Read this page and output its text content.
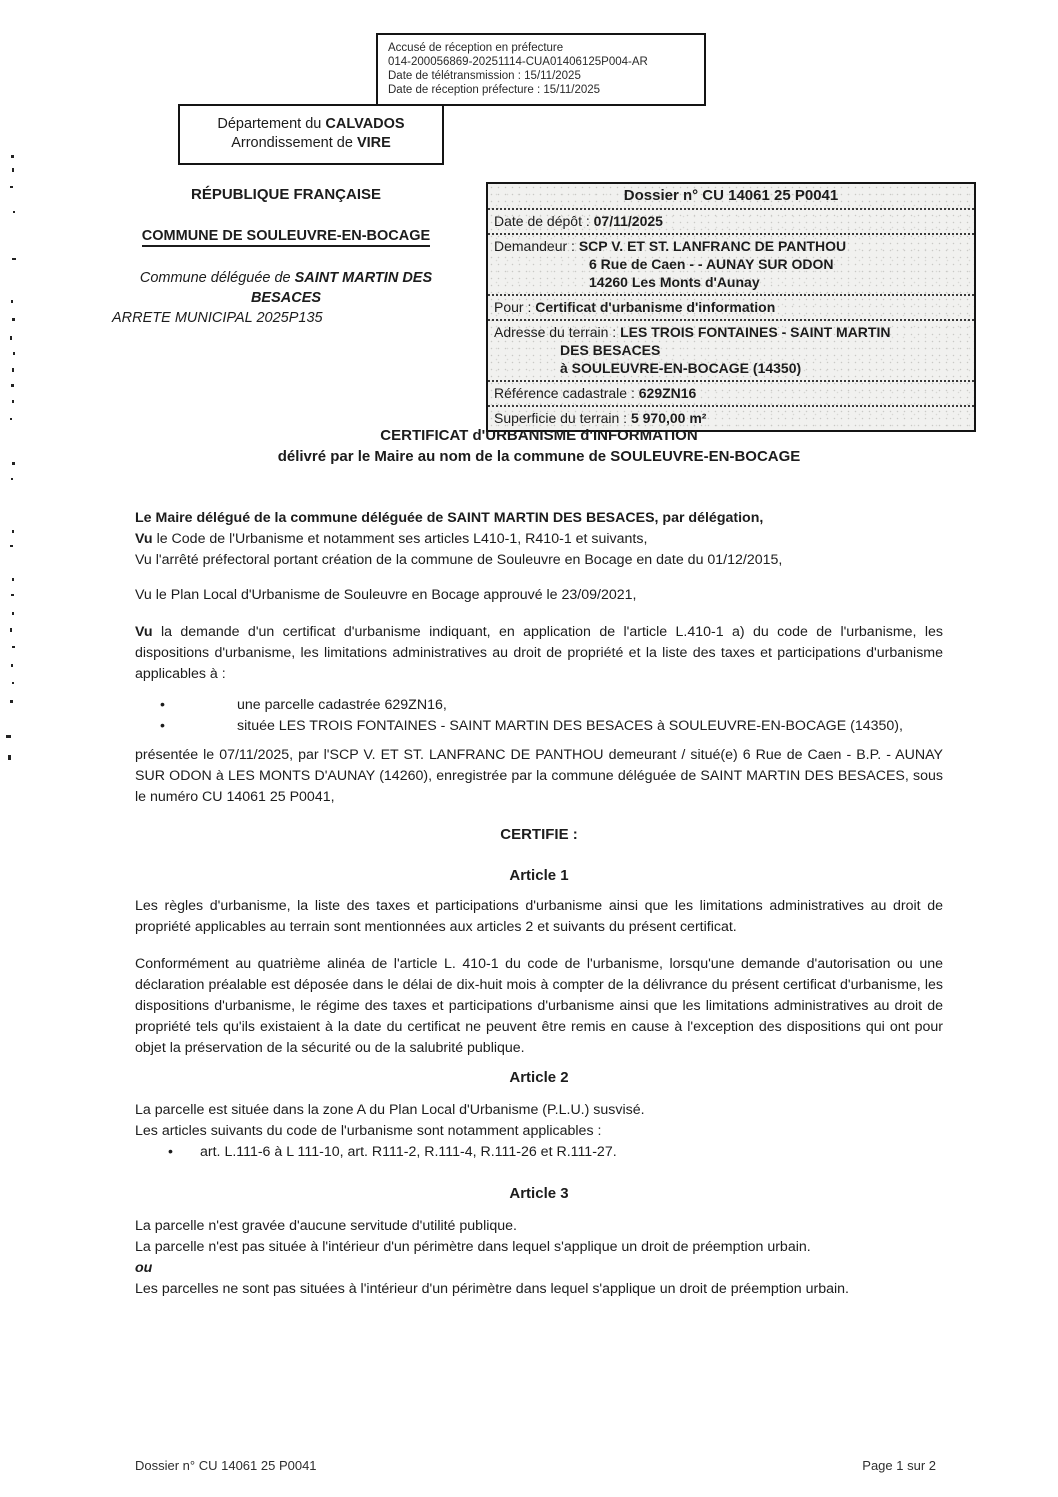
Accusé de réception en préfecture
014-200056869-20251114-CUA01406125P004-AR
Date de télétransmission : 15/11/2025
Date de réception préfecture : 15/11/2025
Département du CALVADOS
Arrondissement de VIRE
RÉPUBLIQUE FRANÇAISE
COMMUNE DE SOULEUVRE-EN-BOCAGE
Commune déléguée de SAINT MARTIN DES BESACES
ARRETE MUNICIPAL 2025P135
Dossier n° CU 14061 25 P0041
Date de dépôt : 07/11/2025
Demandeur : SCP V. ET ST. LANFRANC DE PANTHOU
6 Rue de Caen - - AUNAY SUR ODON
14260 Les Monts d'Aunay
Pour : Certificat d'urbanisme d'information
Adresse du terrain : LES TROIS FONTAINES - SAINT MARTIN
DES BESACES
à SOULEUVRE-EN-BOCAGE (14350)
Référence cadastrale : 629ZN16
Superficie du terrain : 5 970,00 m²
CERTIFICAT d'URBANISME d'INFORMATION
délivré par le Maire au nom de la commune de SOULEUVRE-EN-BOCAGE
Le Maire délégué de la commune déléguée de SAINT MARTIN DES BESACES, par délégation,
Vu le Code de l'Urbanisme et notamment ses articles L410-1, R410-1 et suivants,
Vu l'arrêté préfectoral portant création de la commune de Souleuvre en Bocage en date du 01/12/2015,
Vu le Plan Local d'Urbanisme de Souleuvre en Bocage approuvé le 23/09/2021,
Vu la demande d'un certificat d'urbanisme indiquant, en application de l'article L.410-1 a) du code de l'urbanisme, les dispositions d'urbanisme, les limitations administratives au droit de propriété et la liste des taxes et participations d'urbanisme applicables à :
• une parcelle cadastrée 629ZN16,
• située LES TROIS FONTAINES - SAINT MARTIN DES BESACES à SOULEUVRE-EN-BOCAGE (14350),
présentée le 07/11/2025, par l'SCP V. ET ST. LANFRANC DE PANTHOU demeurant / situé(e) 6 Rue de Caen - B.P. - AUNAY SUR ODON à LES MONTS D'AUNAY (14260), enregistrée par la commune déléguée de SAINT MARTIN DES BESACES, sous le numéro CU 14061 25 P0041,
CERTIFIE :
Article 1
Les règles d'urbanisme, la liste des taxes et participations d'urbanisme ainsi que les limitations administratives au droit de propriété applicables au terrain sont mentionnées aux articles 2 et suivants du présent certificat.
Conformément au quatrième alinéa de l'article L. 410-1 du code de l'urbanisme, lorsqu'une demande d'autorisation ou une déclaration préalable est déposée dans le délai de dix-huit mois à compter de la délivrance du présent certificat d'urbanisme, les dispositions d'urbanisme, le régime des taxes et participations d'urbanisme ainsi que les limitations administratives au droit de propriété tels qu'ils existaient à la date du certificat ne peuvent être remis en cause à l'exception des dispositions qui ont pour objet la préservation de la sécurité ou de la salubrité publique.
Article 2
La parcelle est située dans la zone A du Plan Local d'Urbanisme (P.L.U.) susvisé.
Les articles suivants du code de l'urbanisme sont notamment applicables :
• art. L.111-6 à L 111-10, art. R111-2, R.111-4, R.111-26 et R.111-27.
Article 3
La parcelle n'est gravée d'aucune servitude d'utilité publique.
La parcelle n'est pas située à l'intérieur d'un périmètre dans lequel s'applique un droit de préemption urbain.
ou
Les parcelles ne sont pas situées à l'intérieur d'un périmètre dans lequel s'applique un droit de préemption urbain.
Dossier n° CU 14061 25 P0041	Page 1 sur 2
